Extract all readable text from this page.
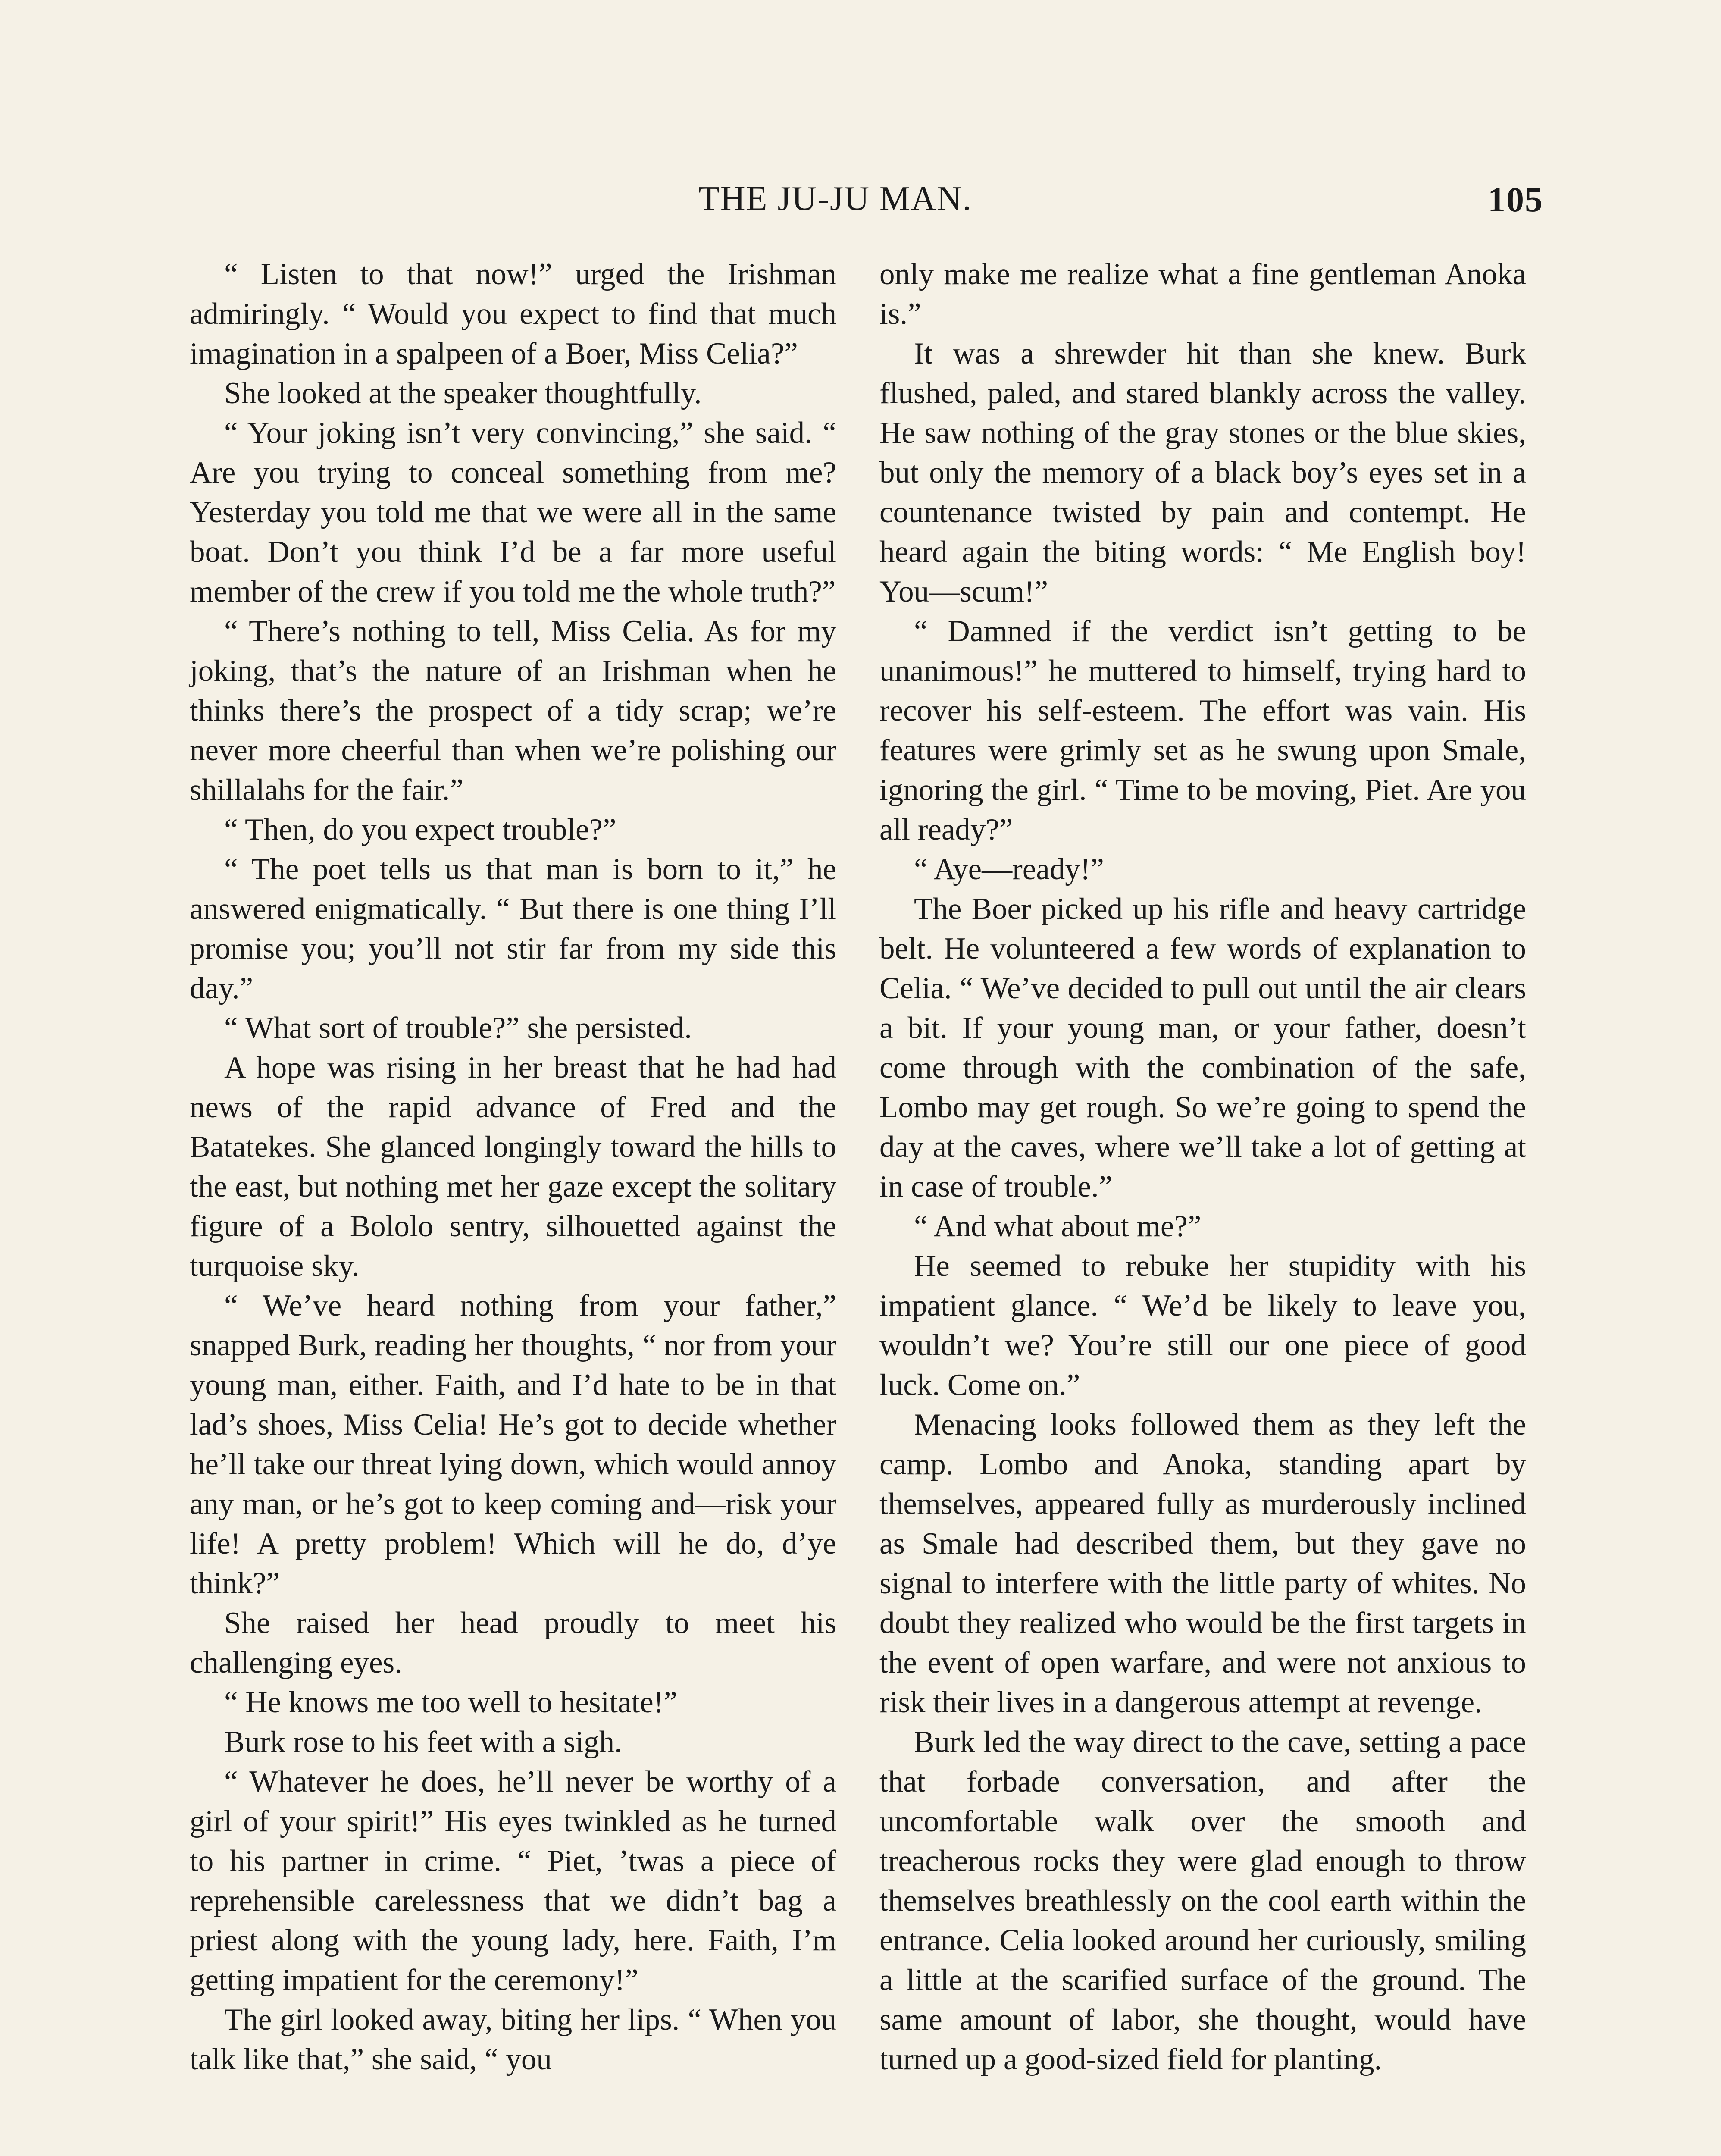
THE JU-JU MAN.	105

“ Listen to that now!” urged the Irishman admiringly. “ Would you expect to find that much imagination in a spalpeen of a Boer, Miss Celia?”

She looked at the speaker thoughtfully.

“ Your joking isn’t very convincing,” she said. “ Are you trying to conceal something from me? Yesterday you told me that we were all in the same boat. Don’t you think I’d be a far more useful member of the crew if you told me the whole truth?”

“ There’s nothing to tell, Miss Celia. As for my joking, that’s the nature of an Irishman when he thinks there’s the prospect of a tidy scrap; we’re never more cheerful than when we’re polishing our shillalahs for the fair.”

“ Then, do you expect trouble?”

“ The poet tells us that man is born to it,” he answered enigmatically. “ But there is one thing I’ll promise you; you’ll not stir far from my side this day.”

“ What sort of trouble?” she persisted.

A hope was rising in her breast that he had had news of the rapid advance of Fred and the Batatekes. She glanced longingly toward the hills to the east, but nothing met her gaze except the solitary figure of a Bololo sentry, silhouetted against the turquoise sky.

“ We’ve heard nothing from your father,” snapped Burk, reading her thoughts, “ nor from your young man, either. Faith, and I’d hate to be in that lad’s shoes, Miss Celia! He’s got to decide whether he’ll take our threat lying down, which would annoy any man, or he’s got to keep coming and—risk your life! A pretty problem! Which will he do, d’ye think?”

She raised her head proudly to meet his challenging eyes.

“ He knows me too well to hesitate!”

Burk rose to his feet with a sigh.

“ Whatever he does, he’ll never be worthy of a girl of your spirit!” His eyes twinkled as he turned to his partner in crime. “ Piet, ’twas a piece of reprehensible carelessness that we didn’t bag a priest along with the young lady, here. Faith, I’m getting impatient for the ceremony!”

The girl looked away, biting her lips. “ When you talk like that,” she said, “ you

only make me realize what a fine gentleman Anoka is.”

It was a shrewder hit than she knew. Burk flushed, paled, and stared blankly across the valley. He saw nothing of the gray stones or the blue skies, but only the memory of a black boy’s eyes set in a countenance twisted by pain and contempt. He heard again the biting words: “ Me English boy! You—scum!”

“ Damned if the verdict isn’t getting to be unanimous!” he muttered to himself, trying hard to recover his self-esteem. The effort was vain. His features were grimly set as he swung upon Smale, ignoring the girl. “ Time to be moving, Piet. Are you all ready?”

“ Aye—ready!”

The Boer picked up his rifle and heavy cartridge belt. He volunteered a few words of explanation to Celia. “ We’ve decided to pull out until the air clears a bit. If your young man, or your father, doesn’t come through with the combination of the safe, Lombo may get rough. So we’re going to spend the day at the caves, where we’ll take a lot of getting at in case of trouble.”

“ And what about me?”

He seemed to rebuke her stupidity with his impatient glance. “ We’d be likely to leave you, wouldn’t we? You’re still our one piece of good luck. Come on.”

Menacing looks followed them as they left the camp. Lombo and Anoka, standing apart by themselves, appeared fully as murderously inclined as Smale had described them, but they gave no signal to interfere with the little party of whites. No doubt they realized who would be the first targets in the event of open warfare, and were not anxious to risk their lives in a dangerous attempt at revenge.

Burk led the way direct to the cave, setting a pace that forbade conversation, and after the uncomfortable walk over the smooth and treacherous rocks they were glad enough to throw themselves breathlessly on the cool earth within the entrance. Celia looked around her curiously, smiling a little at the scarified surface of the ground. The same amount of labor, she thought, would have turned up a good-sized field for planting.
